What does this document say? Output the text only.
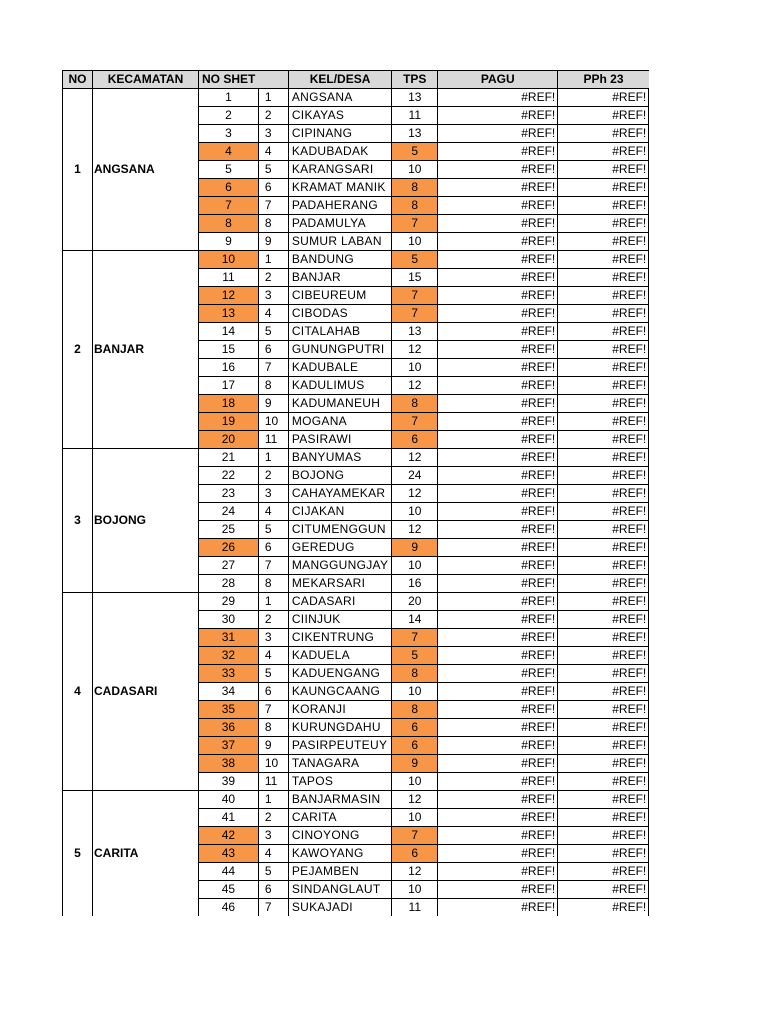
NO	KECAMATAN	NO SHET		KEL/DESA	TPS	PAGU	PPh 23
1	ANGSANA	1	1	ANGSANA	13	#REF!	#REF!
		2	2	CIKAYAS	11	#REF!	#REF!
		3	3	CIPINANG	13	#REF!	#REF!
		4	4	KADUBADAK	5	#REF!	#REF!
		5	5	KARANGSARI	10	#REF!	#REF!
		6	6	KRAMAT MANIK	8	#REF!	#REF!
		7	7	PADAHERANG	8	#REF!	#REF!
		8	8	PADAMULYA	7	#REF!	#REF!
		9	9	SUMUR LABAN	10	#REF!	#REF!
2	BANJAR	10	1	BANDUNG	5	#REF!	#REF!
		11	2	BANJAR	15	#REF!	#REF!
		12	3	CIBEUREUM	7	#REF!	#REF!
		13	4	CIBODAS	7	#REF!	#REF!
		14	5	CITALAHAB	13	#REF!	#REF!
		15	6	GUNUNGPUTRI	12	#REF!	#REF!
		16	7	KADUBALE	10	#REF!	#REF!
		17	8	KADULIMUS	12	#REF!	#REF!
		18	9	KADUMANEUH	8	#REF!	#REF!
		19	10	MOGANA	7	#REF!	#REF!
		20	11	PASIRAWI	6	#REF!	#REF!
3	BOJONG	21	1	BANYUMAS	12	#REF!	#REF!
		22	2	BOJONG	24	#REF!	#REF!
		23	3	CAHAYAMEKAR	12	#REF!	#REF!
		24	4	CIJAKAN	10	#REF!	#REF!
		25	5	CITUMENGGUN	12	#REF!	#REF!
		26	6	GEREDUG	9	#REF!	#REF!
		27	7	MANGGUNGJAY	10	#REF!	#REF!
		28	8	MEKARSARI	16	#REF!	#REF!
4	CADASARI	29	1	CADASARI	20	#REF!	#REF!
		30	2	CIINJUK	14	#REF!	#REF!
		31	3	CIKENTRUNG	7	#REF!	#REF!
		32	4	KADUELA	5	#REF!	#REF!
		33	5	KADUENGANG	8	#REF!	#REF!
		34	6	KAUNGCAANG	10	#REF!	#REF!
		35	7	KORANJI	8	#REF!	#REF!
		36	8	KURUNGDAHU	6	#REF!	#REF!
		37	9	PASIRPEUTEUY	6	#REF!	#REF!
		38	10	TANAGARA	9	#REF!	#REF!
		39	11	TAPOS	10	#REF!	#REF!
5	CARITA	40	1	BANJARMASIN	12	#REF!	#REF!
		41	2	CARITA	10	#REF!	#REF!
		42	3	CINOYONG	7	#REF!	#REF!
		43	4	KAWOYANG	6	#REF!	#REF!
		44	5	PEJAMBEN	12	#REF!	#REF!
		45	6	SINDANGLAUT	10	#REF!	#REF!
		46	7	SUKAJADI	11	#REF!	#REF!
